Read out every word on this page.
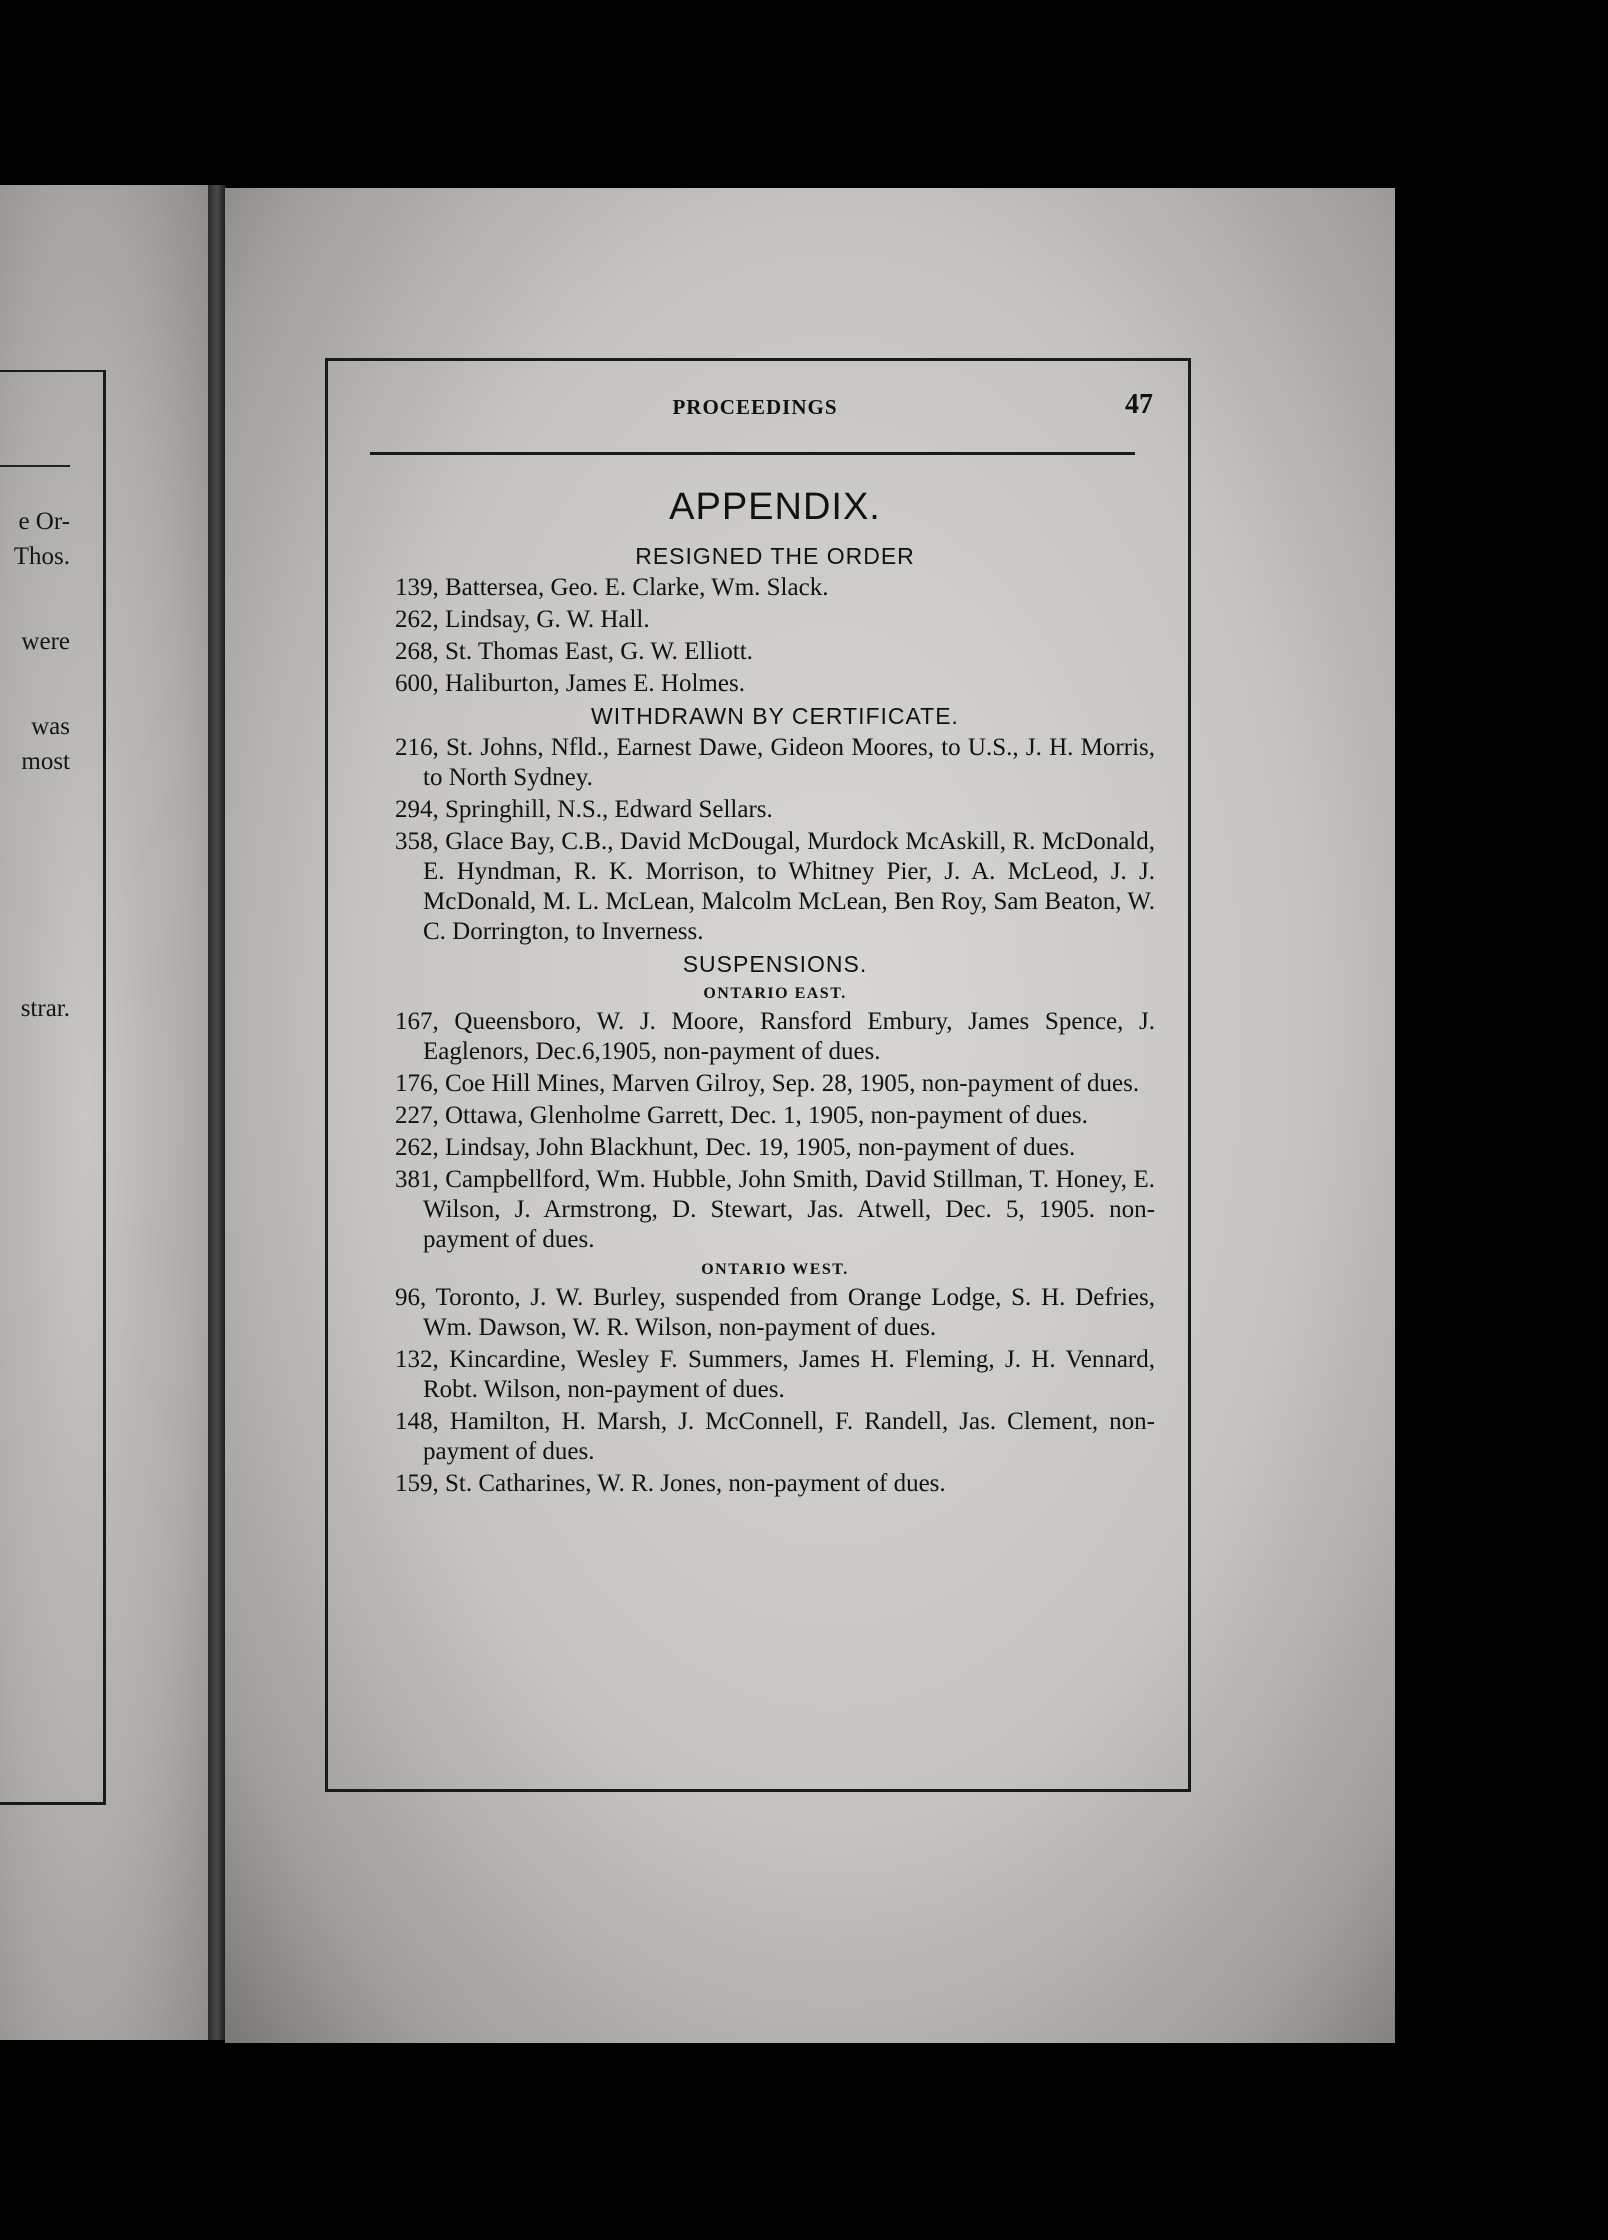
e Or-
Thos.
were
was
most
strar.
PROCEEDINGS	47
APPENDIX.
RESIGNED THE ORDER

139, Battersea, Geo. E. Clarke, Wm. Slack.

262, Lindsay, G. W. Hall.

268, St. Thomas East, G. W. Elliott.

600, Haliburton, James E. Holmes.

WITHDRAWN BY CERTIFICATE.

216, St. Johns, Nfld., Earnest Dawe, Gideon Moores, to U.S., J. H. Morris, to North Sydney.

294, Springhill, N.S., Edward Sellars.

358, Glace Bay, C.B., David McDougal, Murdock McAskill, R. McDonald, E. Hyndman, R. K. Morrison, to Whitney Pier, J. A. McLeod, J. J. McDonald, M. L. McLean, Malcolm McLean, Ben Roy, Sam Beaton, W. C. Dorrington, to Inverness.

SUSPENSIONS.
ONTARIO EAST.

167, Queensboro, W. J. Moore, Ransford Embury, James Spence, J. Eaglenors, Dec.6,1905, non-payment of dues.

176, Coe Hill Mines, Marven Gilroy, Sep. 28, 1905, non-payment of dues.

227, Ottawa, Glenholme Garrett, Dec. 1, 1905, non-payment of dues.

262, Lindsay, John Blackhunt, Dec. 19, 1905, non-payment of dues.

381, Campbellford, Wm. Hubble, John Smith, David Stillman, T. Honey, E. Wilson, J. Armstrong, D. Stewart, Jas. Atwell, Dec. 5, 1905. non-payment of dues.

ONTARIO WEST.

96, Toronto, J. W. Burley, suspended from Orange Lodge, S. H. Defries, Wm. Dawson, W. R. Wilson, non-payment of dues.

132, Kincardine, Wesley F. Summers, James H. Fleming, J. H. Vennard, Robt. Wilson, non-payment of dues.

148, Hamilton, H. Marsh, J. McConnell, F. Randell, Jas. Clement, non-payment of dues.

159, St. Catharines, W. R. Jones, non-payment of dues.
